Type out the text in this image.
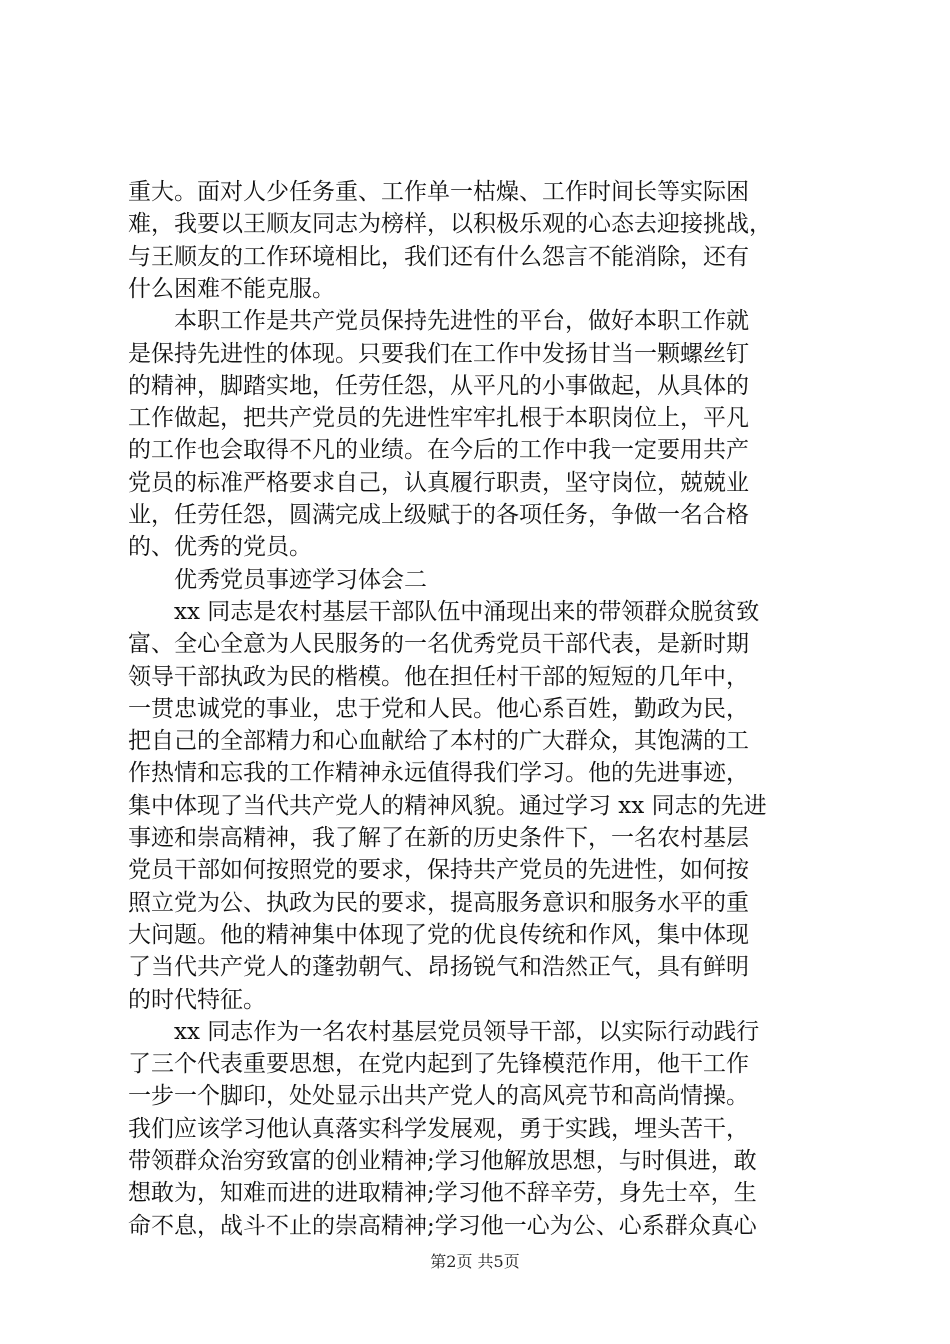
重大。面对人少任务重、工作单一枯燥、工作时间长等实际困
难，我要以王顺友同志为榜样，以积极乐观的心态去迎接挑战，
与王顺友的工作环境相比，我们还有什么怨言不能消除，还有
什么困难不能克服。
本职工作是共产党员保持先进性的平台，做好本职工作就
是保持先进性的体现。只要我们在工作中发扬甘当一颗螺丝钉
的精神，脚踏实地，任劳任怨，从平凡的小事做起，从具体的
工作做起，把共产党员的先进性牢牢扎根于本职岗位上，平凡
的工作也会取得不凡的业绩。在今后的工作中我一定要用共产
党员的标准严格要求自己，认真履行职责，坚守岗位，兢兢业
业，任劳任怨，圆满完成上级赋于的各项任务，争做一名合格
的、优秀的党员。
优秀党员事迹学习体会二
xx 同志是农村基层干部队伍中涌现出来的带领群众脱贫致
富、全心全意为人民服务的一名优秀党员干部代表，是新时期
领导干部执政为民的楷模。他在担任村干部的短短的几年中，
一贯忠诚党的事业，忠于党和人民。他心系百姓，勤政为民，
把自己的全部精力和心血献给了本村的广大群众，其饱满的工
作热情和忘我的工作精神永远值得我们学习。他的先进事迹，
集中体现了当代共产党人的精神风貌。通过学习 xx 同志的先进
事迹和崇高精神，我了解了在新的历史条件下，一名农村基层
党员干部如何按照党的要求，保持共产党员的先进性，如何按
照立党为公、执政为民的要求，提高服务意识和服务水平的重
大问题。他的精神集中体现了党的优良传统和作风，集中体现
了当代共产党人的蓬勃朝气、昂扬锐气和浩然正气，具有鲜明
的时代特征。
xx 同志作为一名农村基层党员领导干部，以实际行动践行
了三个代表重要思想，在党内起到了先锋模范作用，他干工作
一步一个脚印，处处显示出共产党人的高风亮节和高尚情操。
我们应该学习他认真落实科学发展观，勇于实践，埋头苦干，
带领群众治穷致富的创业精神;学习他解放思想，与时俱进，敢
想敢为，知难而进的进取精神;学习他不辞辛劳，身先士卒，生
命不息，战斗不止的崇高精神;学习他一心为公、心系群众真心
第2页 共5页
